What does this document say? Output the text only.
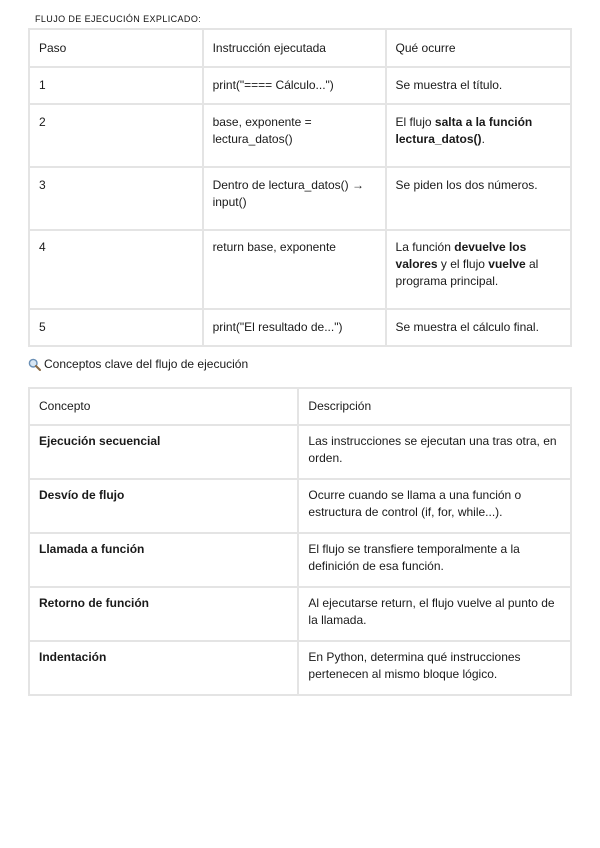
FLUJO DE EJECUCIÓN EXPLICADO:
Paso	Instrucción ejecutada	Qué ocurre
1	print("==== Cálculo...")	Se muestra el título.
2	base, exponente = lectura_datos()	El flujo salta a la función lectura_datos().
3	Dentro de lectura_datos() → input()	Se piden los dos números.
4	return base, exponente	La función devuelve los valores y el flujo vuelve al programa principal.
5	print("El resultado de...")	Se muestra el cálculo final.
Conceptos clave del flujo de ejecución
Concepto	Descripción
Ejecución secuencial	Las instrucciones se ejecutan una tras otra, en orden.
Desvío de flujo	Ocurre cuando se llama a una función o estructura de control (if, for, while...).
Llamada a función	El flujo se transfiere temporalmente a la definición de esa función.
Retorno de función	Al ejecutarse return, el flujo vuelve al punto de la llamada.
Indentación	En Python, determina qué instrucciones pertenecen al mismo bloque lógico.
